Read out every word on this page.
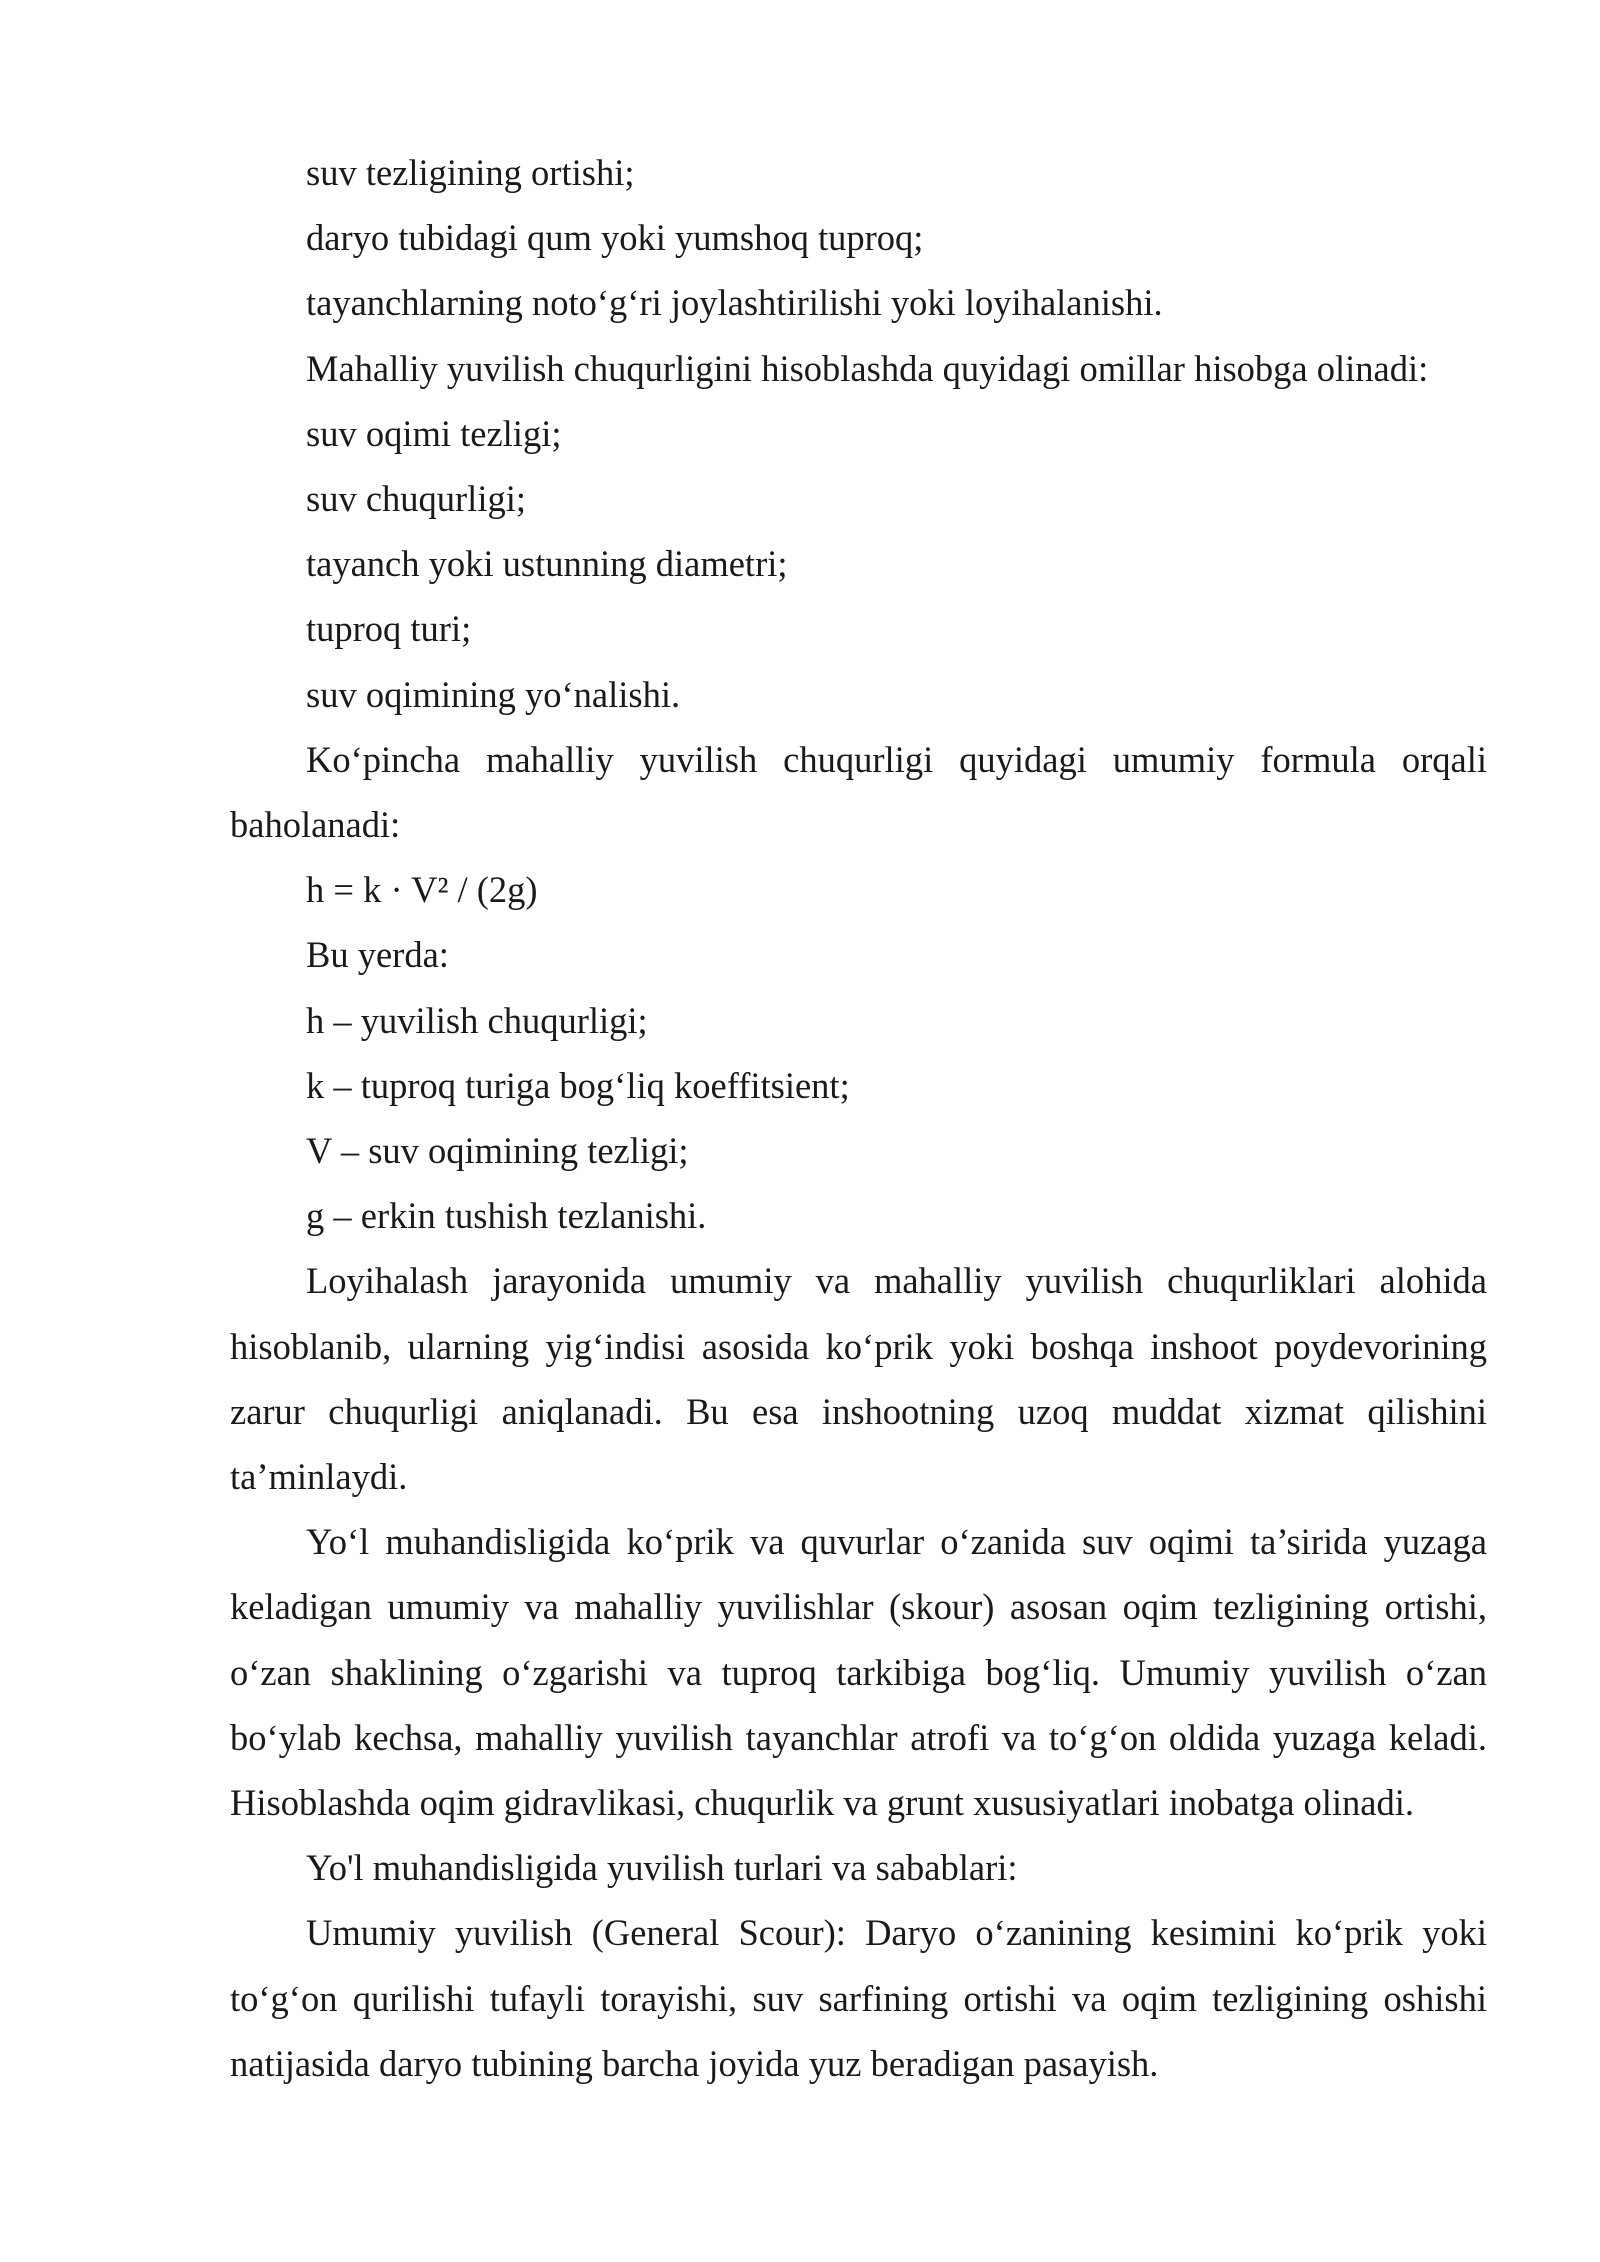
suv tezligining ortishi;

daryo tubidagi qum yoki yumshoq tuproq;

tayanchlarning noto‘g‘ri joylashtirilishi yoki loyihalanishi.

Mahalliy yuvilish chuqurligini hisoblashda quyidagi omillar hisobga olinadi:

suv oqimi tezligi;

suv chuqurligi;

tayanch yoki ustunning diametri;

tuproq turi;

suv oqimining yo‘nalishi.

Ko‘pincha mahalliy yuvilish chuqurligi quyidagi umumiy formula orqali baholanadi:

h = k · V² / (2g)

Bu yerda:

h – yuvilish chuqurligi;

k – tuproq turiga bog‘liq koeffitsient;

V – suv oqimining tezligi;

g – erkin tushish tezlanishi.

Loyihalash jarayonida umumiy va mahalliy yuvilish chuqurliklari alohida hisoblanib, ularning yig‘indisi asosida ko‘prik yoki boshqa inshoot poydevorining zarur chuqurligi aniqlanadi. Bu esa inshootning uzoq muddat xizmat qilishini ta’minlaydi.

Yo‘l muhandisligida ko‘prik va quvurlar o‘zanida suv oqimi ta’sirida yuzaga keladigan umumiy va mahalliy yuvilishlar (skour) asosan oqim tezligining ortishi, o‘zan shaklining o‘zgarishi va tuproq tarkibiga bog‘liq. Umumiy yuvilish o‘zan bo‘ylab kechsa, mahalliy yuvilish tayanchlar atrofi va to‘g‘on oldida yuzaga keladi. Hisoblashda oqim gidravlikasi, chuqurlik va grunt xususiyatlari inobatga olinadi.

Yo'l muhandisligida yuvilish turlari va sabablari:

Umumiy yuvilish (General Scour): Daryo o‘zanining kesimini ko‘prik yoki to‘g‘on qurilishi tufayli torayishi, suv sarfining ortishi va oqim tezligining oshishi natijasida daryo tubining barcha joyida yuz beradigan pasayish.
